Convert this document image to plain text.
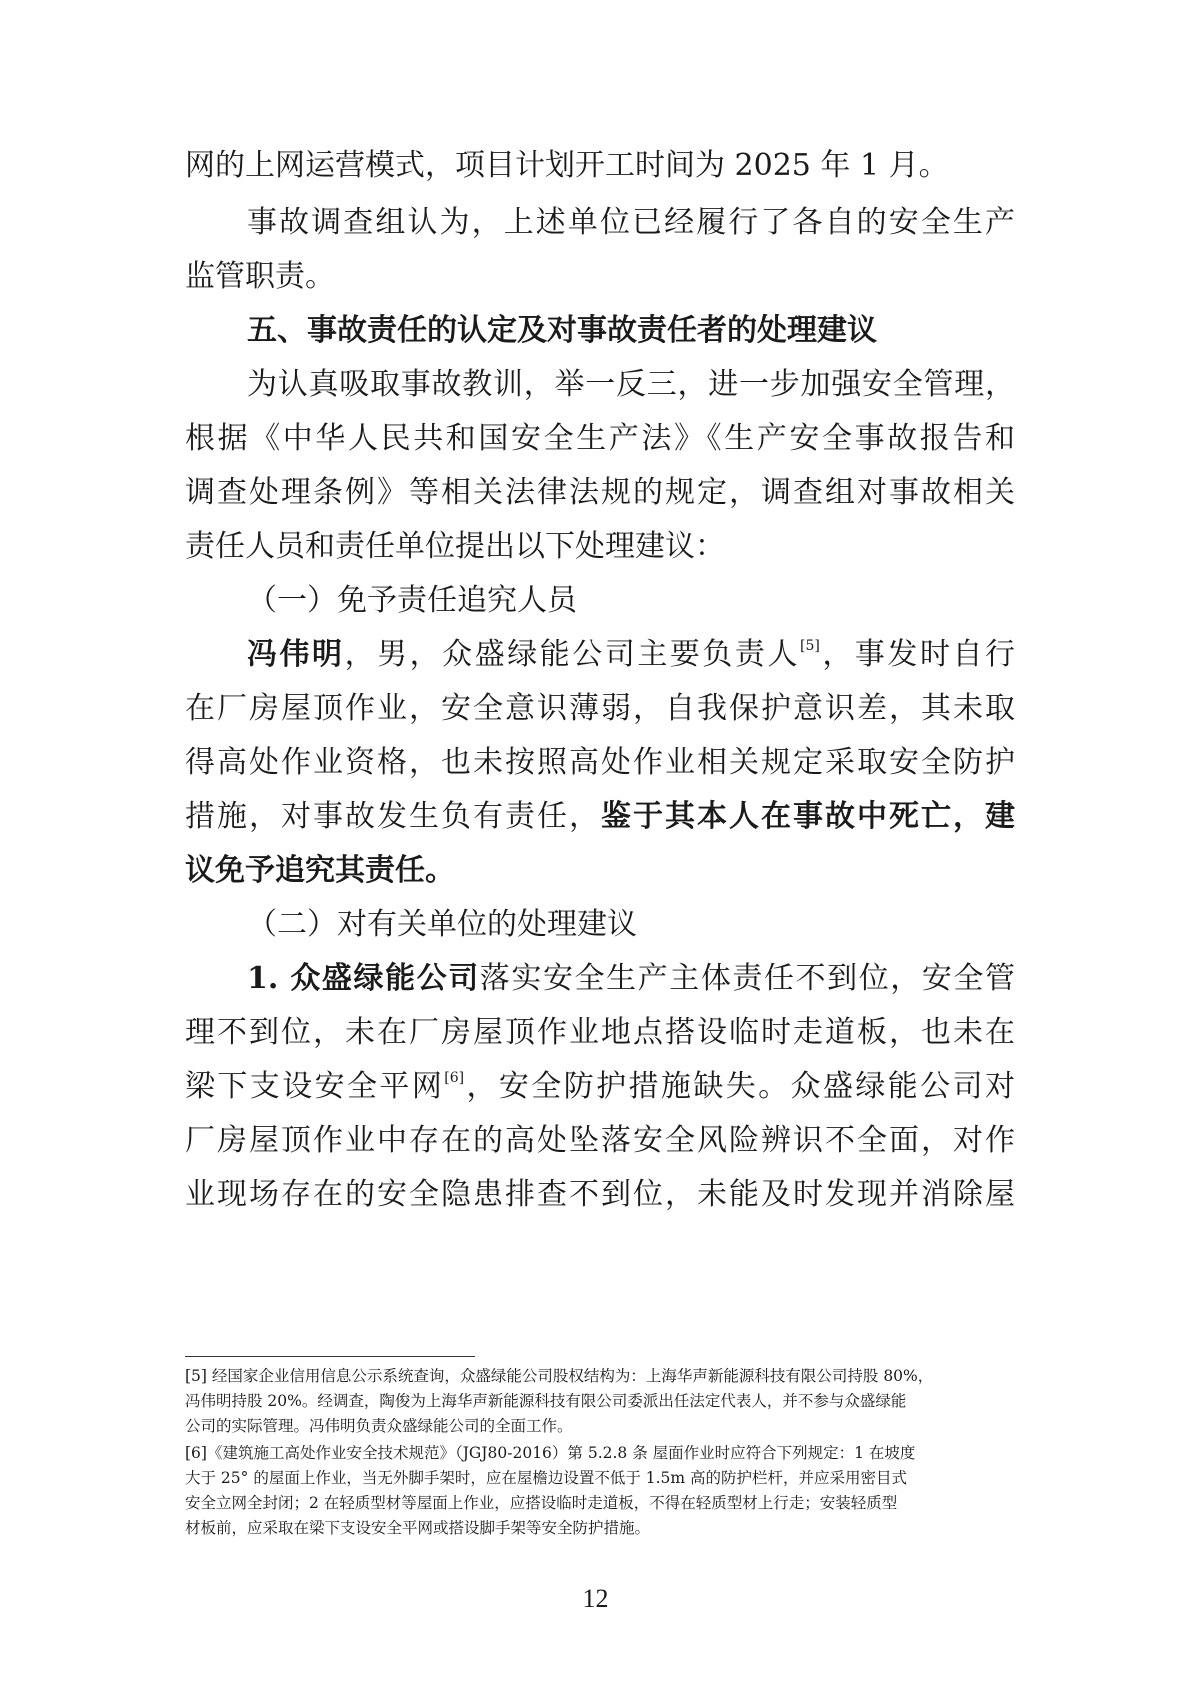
网的上网运营模式，项目计划开工时间为 2025 年 1 月。
事故调查组认为，上述单位已经履行了各自的安全生产
监管职责。
五、事故责任的认定及对事故责任者的处理建议
为认真吸取事故教训，举一反三，进一步加强安全管理，
根据《中华人民共和国安全生产法》《生产安全事故报告和
调查处理条例》等相关法律法规的规定，调查组对事故相关
责任人员和责任单位提出以下处理建议：
（一）免予责任追究人员
冯伟明，男，众盛绿能公司主要负责人[5]，事发时自行
在厂房屋顶作业，安全意识薄弱，自我保护意识差，其未取
得高处作业资格，也未按照高处作业相关规定采取安全防护
措施，对事故发生负有责任，鉴于其本人在事故中死亡，建
议免予追究其责任。
（二）对有关单位的处理建议
1. 众盛绿能公司落实安全生产主体责任不到位，安全管
理不到位，未在厂房屋顶作业地点搭设临时走道板，也未在
梁下支设安全平网[6]，安全防护措施缺失。众盛绿能公司对
厂房屋顶作业中存在的高处坠落安全风险辨识不全面，对作
业现场存在的安全隐患排查不到位，未能及时发现并消除屋
[5] 经国家企业信用信息公示系统查询，众盛绿能公司股权结构为：上海华声新能源科技有限公司持股 80%，
冯伟明持股 20%。经调查，陶俊为上海华声新能源科技有限公司委派出任法定代表人，并不参与众盛绿能
公司的实际管理。冯伟明负责众盛绿能公司的全面工作。
[6]《建筑施工高处作业安全技术规范》（JGJ80-2016）第 5.2.8 条 屋面作业时应符合下列规定：1 在坡度
大于 25° 的屋面上作业，当无外脚手架时，应在屋檐边设置不低于 1.5m 高的防护栏杆，并应采用密目式
安全立网全封闭；2 在轻质型材等屋面上作业，应搭设临时走道板，不得在轻质型材上行走；安装轻质型
材板前，应采取在梁下支设安全平网或搭设脚手架等安全防护措施。
12
